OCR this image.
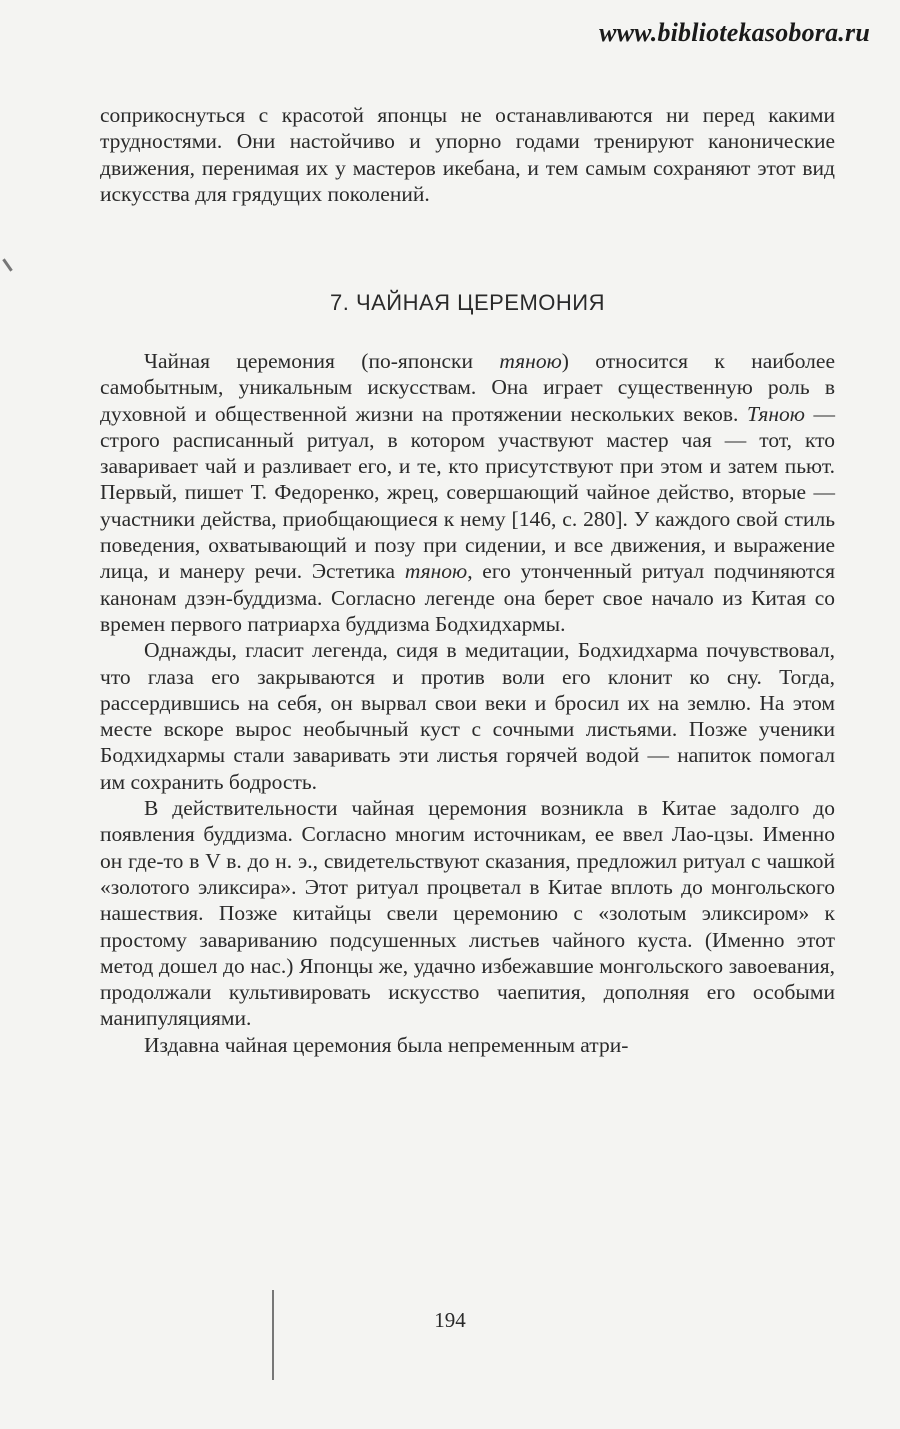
www.bibliotekasobora.ru

соприкоснуться с красотой японцы не останавливаются ни перед какими трудностями. Они настойчиво и упорно годами тренируют канонические движения, перенимая их у мастеров икебана, и тем самым сохраняют этот вид искусства для грядущих поколений.

7. ЧАЙНАЯ ЦЕРЕМОНИЯ

Чайная церемония (по-японски тяною) относится к наиболее самобытным, уникальным искусствам. Она играет существенную роль в духовной и общественной жизни на протяжении нескольких веков. Тяною — строго расписанный ритуал, в котором участвуют мастер чая — тот, кто заваривает чай и разливает его, и те, кто присутствуют при этом и затем пьют. Первый, пишет Т. Федоренко, жрец, совершающий чайное действо, вторые — участники действа, приобщающиеся к нему [146, с. 280]. У каждого свой стиль поведения, охватывающий и позу при сидении, и все движения, и выражение лица, и манеру речи. Эстетика тяною, его утонченный ритуал подчиняются канонам дзэн-буддизма. Согласно легенде она берет свое начало из Китая со времен первого патриарха буддизма Бодхидхармы.

Однажды, гласит легенда, сидя в медитации, Бодхидхарма почувствовал, что глаза его закрываются и против воли его клонит ко сну. Тогда, рассердившись на себя, он вырвал свои веки и бросил их на землю. На этом месте вскоре вырос необычный куст с сочными листьями. Позже ученики Бодхидхармы стали заваривать эти листья горячей водой — напиток помогал им сохранить бодрость.

В действительности чайная церемония возникла в Китае задолго до появления буддизма. Согласно многим источникам, ее ввел Лао-цзы. Именно он где-то в V в. до н. э., свидетельствуют сказания, предложил ритуал с чашкой «золотого эликсира». Этот ритуал процветал в Китае вплоть до монгольского нашествия. Позже китайцы свели церемонию с «золотым эликсиром» к простому завариванию подсушенных листьев чайного куста. (Именно этот метод дошел до нас.) Японцы же, удачно избежавшие монгольского завоевания, продолжали культивировать искусство чаепития, дополняя его особыми манипуляциями.

Издавна чайная церемония была непременным атри-

194
